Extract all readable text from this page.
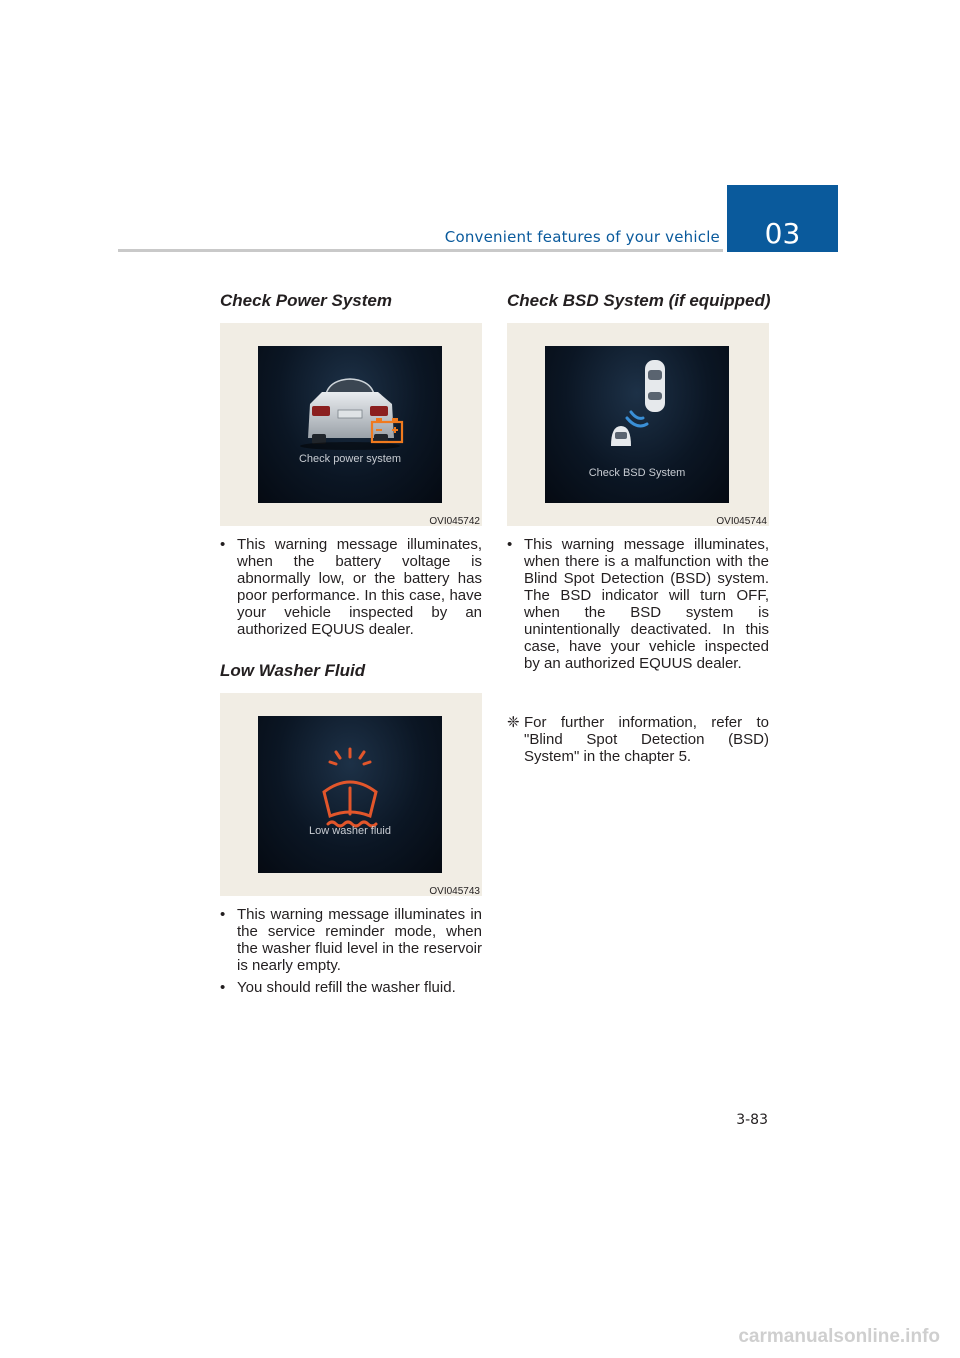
Convenient features of your vehicle 03
Check Power System
Check power system
OVI045742
• This warning message illuminates, when the battery voltage is abnormally low, or the battery has poor performance. In this case, have your vehicle inspected by an authorized EQUUS dealer.
Low Washer Fluid
Low washer fluid
OVI045743
• This warning message illuminates in the service reminder mode, when the washer fluid level in the reservoir is nearly empty.
• You should refill the washer fluid.
Check BSD System (if equipped)
Check BSD System
OVI045744
• This warning message illuminates, when there is a malfunction with the Blind Spot Detection (BSD) system. The BSD indicator will turn OFF, when the BSD system is unintentionally deactivated. In this case, have your vehicle inspected by an authorized EQUUS dealer.
❈ For further information, refer to "Blind Spot Detection (BSD) System" in the chapter 5.
3-83
carmanualsonline.info
